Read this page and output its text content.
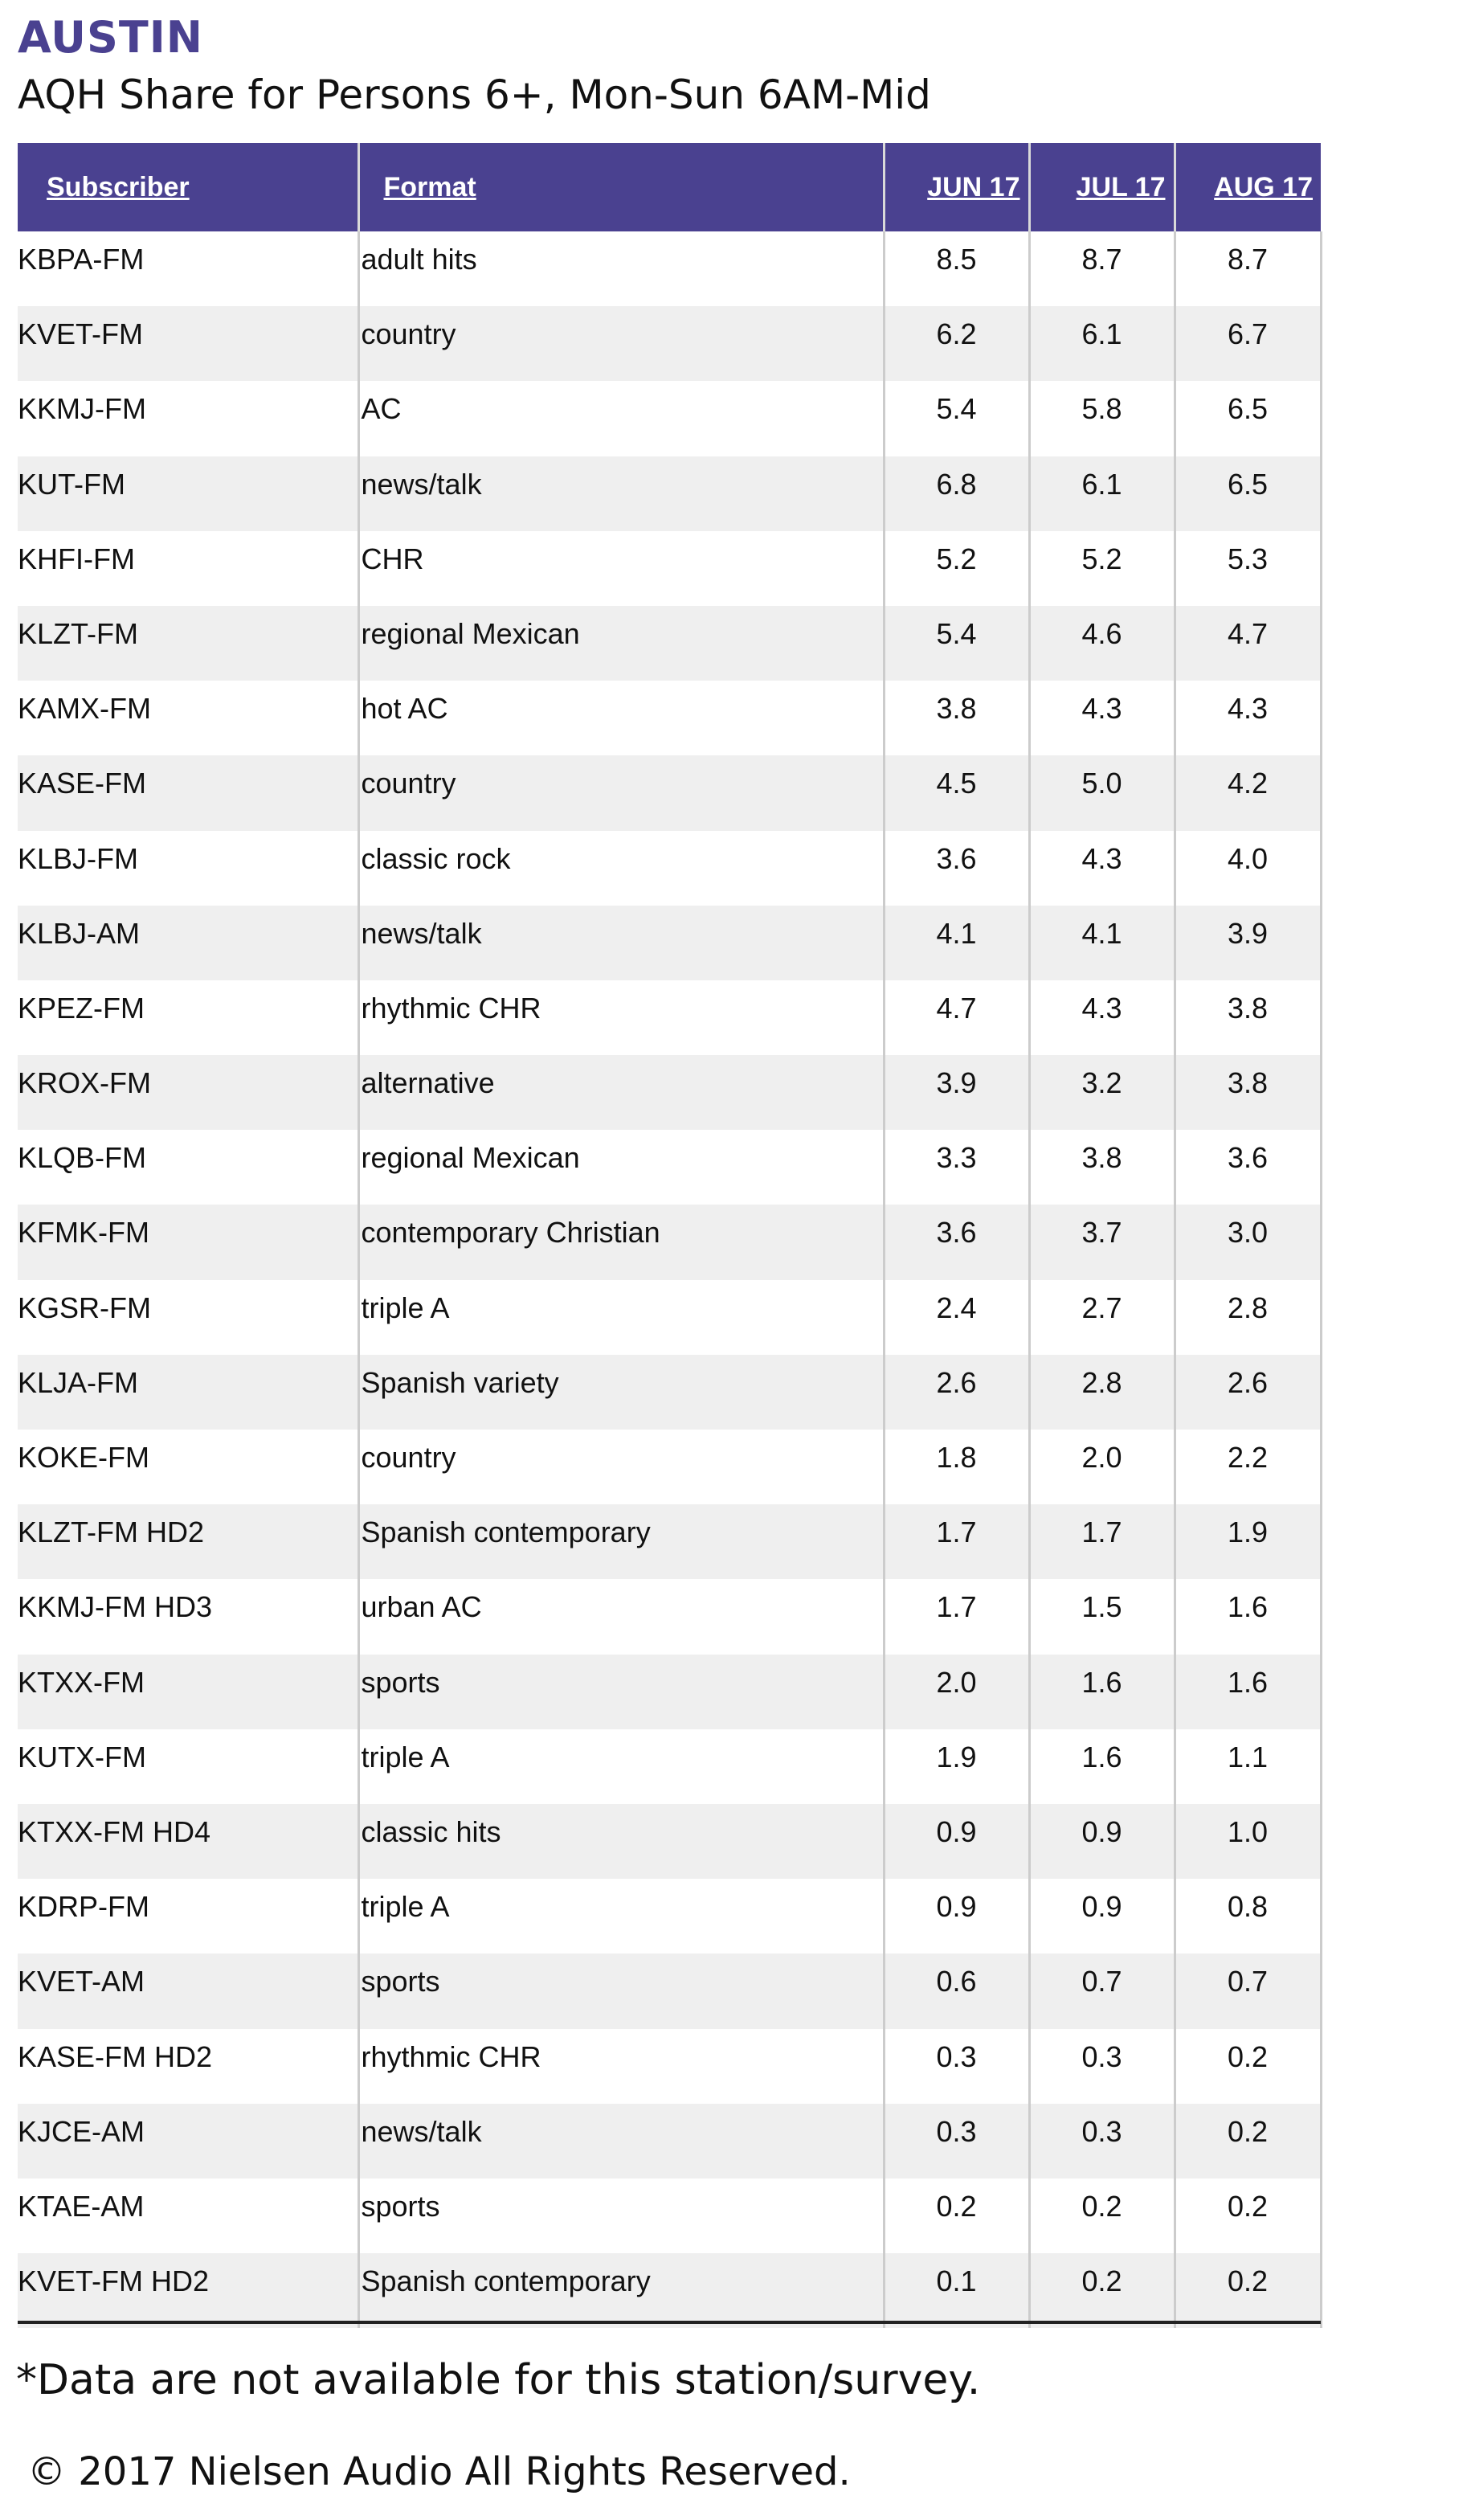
AUSTIN
AQH Share for Persons 6+, Mon-Sun 6AM-Mid
Subscriber	Format	JUN 17	JUL 17	AUG 17
KBPA-FM	adult hits	8.5	8.7	8.7
KVET-FM	country	6.2	6.1	6.7
KKMJ-FM	AC	5.4	5.8	6.5
KUT-FM	news/talk	6.8	6.1	6.5
KHFI-FM	CHR	5.2	5.2	5.3
KLZT-FM	regional Mexican	5.4	4.6	4.7
KAMX-FM	hot AC	3.8	4.3	4.3
KASE-FM	country	4.5	5.0	4.2
KLBJ-FM	classic rock	3.6	4.3	4.0
KLBJ-AM	news/talk	4.1	4.1	3.9
KPEZ-FM	rhythmic CHR	4.7	4.3	3.8
KROX-FM	alternative	3.9	3.2	3.8
KLQB-FM	regional Mexican	3.3	3.8	3.6
KFMK-FM	contemporary Christian	3.6	3.7	3.0
KGSR-FM	triple A	2.4	2.7	2.8
KLJA-FM	Spanish variety	2.6	2.8	2.6
KOKE-FM	country	1.8	2.0	2.2
KLZT-FM HD2	Spanish contemporary	1.7	1.7	1.9
KKMJ-FM HD3	urban AC	1.7	1.5	1.6
KTXX-FM	sports	2.0	1.6	1.6
KUTX-FM	triple A	1.9	1.6	1.1
KTXX-FM HD4	classic hits	0.9	0.9	1.0
KDRP-FM	triple A	0.9	0.9	0.8
KVET-AM	sports	0.6	0.7	0.7
KASE-FM HD2	rhythmic CHR	0.3	0.3	0.2
KJCE-AM	news/talk	0.3	0.3	0.2
KTAE-AM	sports	0.2	0.2	0.2
KVET-FM HD2	Spanish contemporary	0.1	0.2	0.2
*Data are not available for this station/survey.
© 2017 Nielsen Audio All Rights Reserved.
